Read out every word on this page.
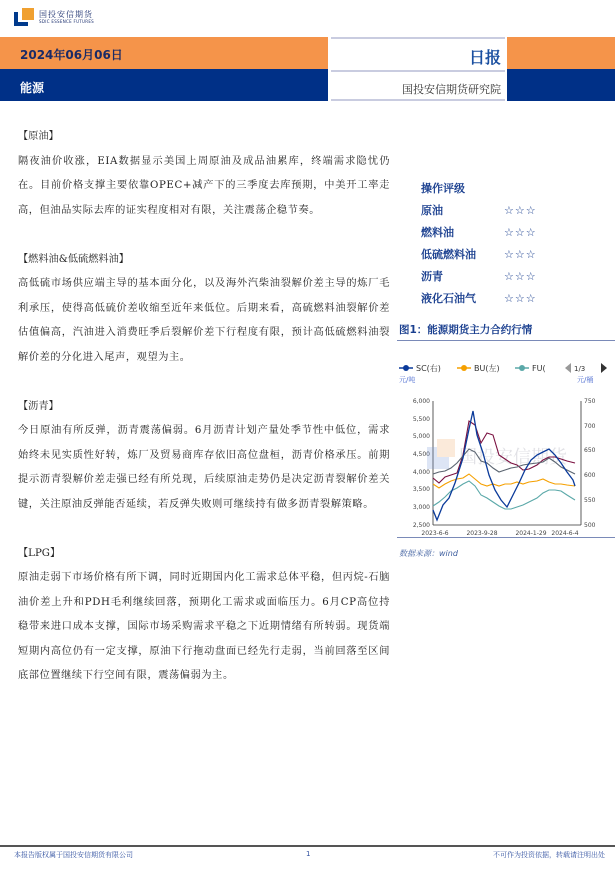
国投安信期货
SDIC ESSENCE FUTURES
2024年06月06日
能源
日报
国投安信期货研究院
【原油】
隔夜油价收涨，EIA数据显示美国上周原油及成品油累库，终端需求隐忧仍在。目前价格支撑主要依靠OPEC+减产下的三季度去库预期，中美开工率走高，但油品实际去库的证实程度相对有限，关注震荡企稳节奏。
【燃料油&低硫燃料油】
高低硫市场供应端主导的基本面分化，以及海外汽柴油裂解价差主导的炼厂毛利承压，使得高低硫价差收缩至近年来低位。后期来看，高硫燃料油裂解价差估值偏高，汽油进入消费旺季后裂解价差下行程度有限，预计高低硫燃料油裂解价差的分化进入尾声，观望为主。
【沥青】
今日原油有所反弹，沥青震荡偏弱。6月沥青计划产量处季节性中低位，需求始终未见实质性好转，炼厂及贸易商库存依旧高位盘桓，沥青价格承压。前期提示沥青裂解价差走强已经有所兑现，后续原油走势仍是决定沥青裂解价差关键，关注原油反弹能否延续，若反弹失败则可继续持有做多沥青裂解策略。
【LPG】
原油走弱下市场价格有所下调，同时近期国内化工需求总体平稳，但丙烷-石脑油价差上升和PDH毛利继续回落，预期化工需求或面临压力。6月CP高位持稳带来进口成本支撑，国际市场采购需求平稳之下近期情绪有所转弱。现货端短期内高位仍有一定支撑，原油下行拖动盘面已经先行走弱，当前回落至区间底部位置继续下行空间有限，震荡偏弱为主。
操作评级
原油	☆☆☆
燃料油	☆☆☆
低硫燃料油	☆☆☆
沥青	☆☆☆
液化石油气	☆☆☆
图1：能源期货主力合约行情
SC(右)	BU(左)	FU(	1/3
元/吨	元/桶
6,000
5,500
5,000
4,500
4,000
3,500
3,000
2,500
750
700
650
600
550
500
2023-6-6	2023-9-28	2024-1-29 2024-6-4
国投安信期货
数据来源：wind
本报告版权属于国投安信期货有限公司	1	不可作为投资依据，转载请注明出处
